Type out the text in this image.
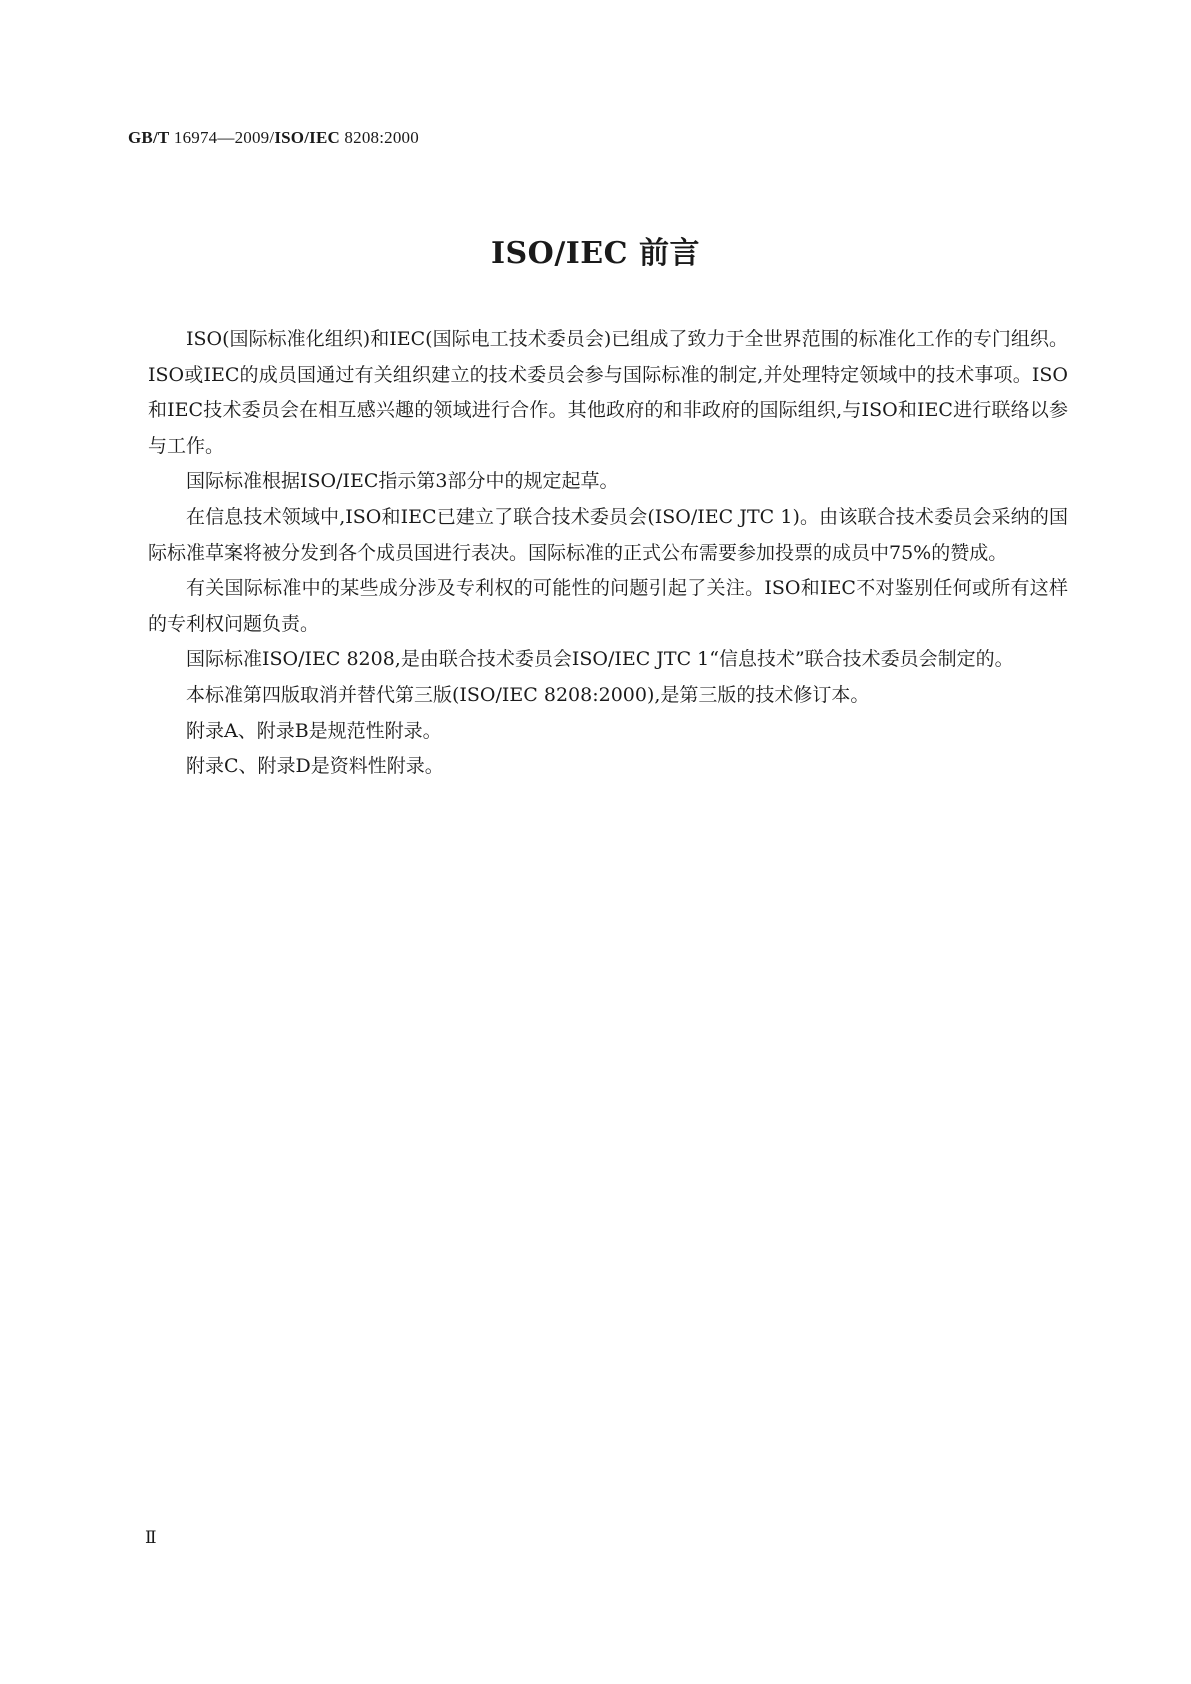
GB/T 16974—2009/ISO/IEC 8208:2000
ISO/IEC 前言

ISO(国际标准化组织)和IEC(国际电工技术委员会)已组成了致力于全世界范围的标准化工作的专门组织。ISO或IEC的成员国通过有关组织建立的技术委员会参与国际标准的制定,并处理特定领域中的技术事项。ISO和IEC技术委员会在相互感兴趣的领域进行合作。其他政府的和非政府的国际组织,与ISO和IEC进行联络以参与工作。

国际标准根据ISO/IEC指示第3部分中的规定起草。

在信息技术领域中,ISO和IEC已建立了联合技术委员会(ISO/IEC JTC 1)。由该联合技术委员会采纳的国际标准草案将被分发到各个成员国进行表决。国际标准的正式公布需要参加投票的成员中75%的赞成。

有关国际标准中的某些成分涉及专利权的可能性的问题引起了关注。ISO和IEC不对鉴别任何或所有这样的专利权问题负责。

国际标准ISO/IEC 8208,是由联合技术委员会ISO/IEC JTC 1“信息技术”联合技术委员会制定的。

本标准第四版取消并替代第三版(ISO/IEC 8208:2000),是第三版的技术修订本。

附录A、附录B是规范性附录。

附录C、附录D是资料性附录。

Ⅱ
